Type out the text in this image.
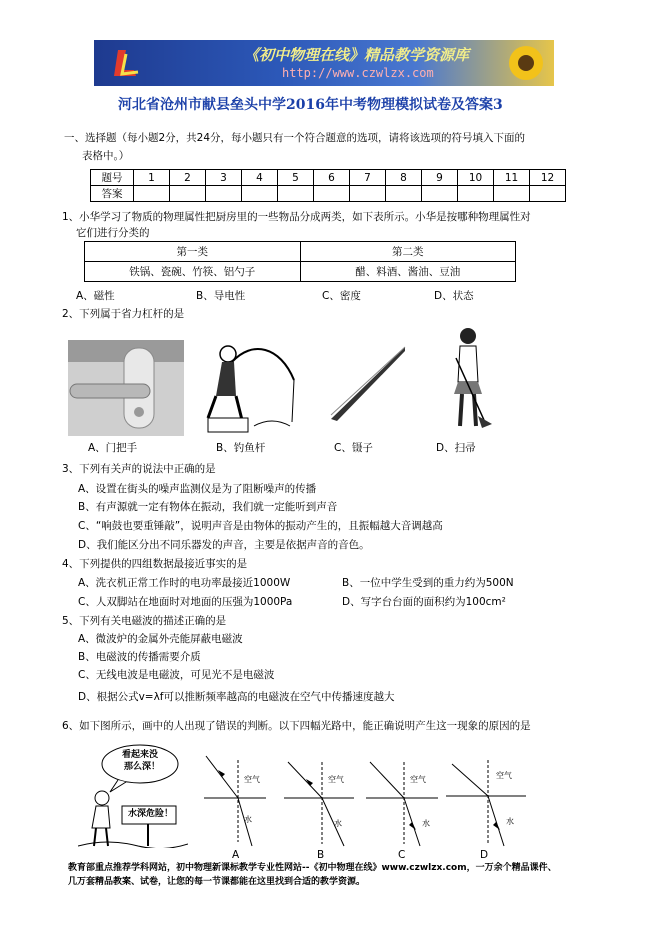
《初中物理在线》精品教学资源库
http://www.czwlzx.com
河北省沧州市献县垒头中学2016年中考物理模拟试卷及答案3
一、选择题（每小题2分，共24分，每小题只有一个符合题意的选项，请将该选项的符号填入下面的
表格中。）
题号	1	2	3	4	5	6	7	8	9	10	11	12
答案												
1、小华学习了物质的物理属性把厨房里的一些物品分成两类，如下表所示。小华是按哪种物理属性对
它们进行分类的
第一类	第二类
铁锅、瓷碗、竹筷、铝勺子	醋、料酒、酱油、豆油
A、磁性	B、导电性	C、密度	D、状态
2、下列属于省力杠杆的是
A、门把手	B、钓鱼杆	C、镊子	D、扫帚
3、下列有关声的说法中正确的是
A、设置在街头的噪声监测仪是为了阻断噪声的传播
B、有声源就一定有物体在振动，我们就一定能听到声音
C、“响鼓也要重锤敲”，说明声音是由物体的振动产生的，且振幅越大音调越高
D、我们能区分出不同乐器发的声音，主要是依据声音的音色。
4、下列提供的四组数据最接近事实的是
A、洗衣机正常工作时的电功率最接近1000W	B、一位中学生受到的重力约为500N
C、人双脚站在地面时对地面的压强为1000Pa	D、写字台台面的面积约为100cm²
5、下列有关电磁波的描述正确的是
A、微波炉的金属外壳能屏蔽电磁波
B、电磁波的传播需要介质
C、无线电波是电磁波，可见光不是电磁波
D、根据公式v=λf可以推断频率越高的电磁波在空气中传播速度越大
6、如下图所示，画中的人出现了错误的判断。以下四幅光路中，能正确说明产生这一现象的原因的是
看起来没
那么深！
水深危险！
空气
水
空气
水
空气
水
空气
水
A	B	C	D
教育部重点推荐学科网站，初中物理新课标教学专业性网站--《初中物理在线》www.czwlzx.com，一万余个精品课件、
几万套精品教案、试卷，让您的每一节课都能在这里找到合适的教学资源。
